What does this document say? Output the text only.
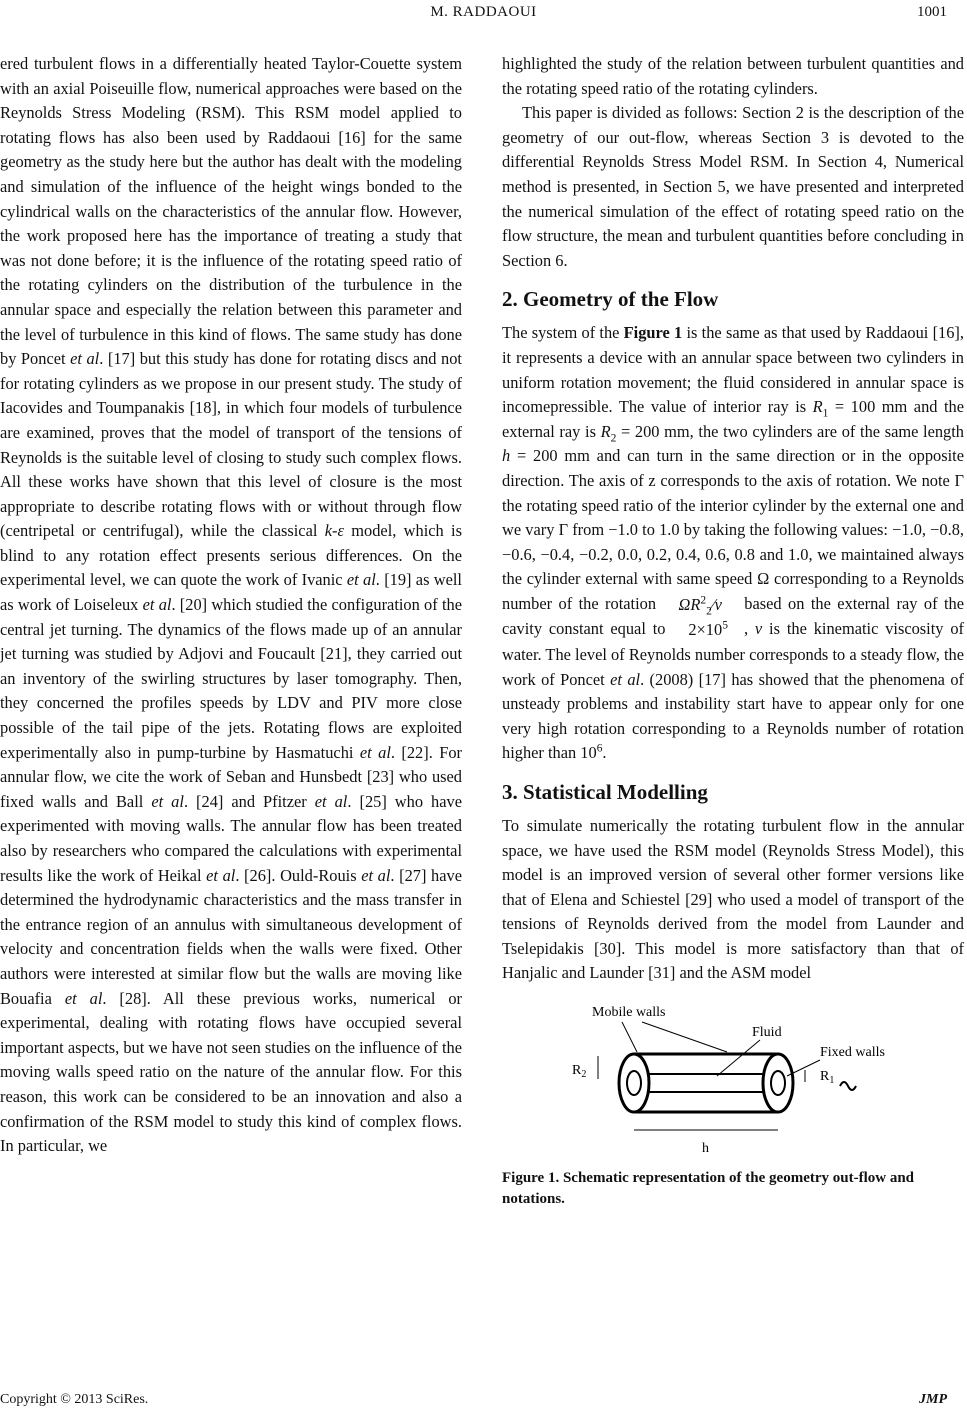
M. RADDAOUI	1001

ered turbulent flows in a differentially heated Taylor-Couette system with an axial Poiseuille flow, numerical approaches were based on the Reynolds Stress Modeling (RSM). This RSM model applied to rotating flows has also been used by Raddaoui [16] for the same geometry as the study here but the author has dealt with the modeling and simulation of the influence of the height wings bonded to the cylindrical walls on the characteristics of the annular flow. However, the work proposed here has the importance of treating a study that was not done before; it is the influence of the rotating speed ratio of the rotating cylinders on the distribution of the turbulence in the annular space and especially the relation between this parameter and the level of turbulence in this kind of flows. The same study has done by Poncet et al. [17] but this study has done for rotating discs and not for rotating cylinders as we propose in our present study. The study of Iacovides and Toumpanakis [18], in which four models of turbulence are examined, proves that the model of transport of the tensions of Reynolds is the suitable level of closing to study such complex flows. All these works have shown that this level of closure is the most appropriate to describe rotating flows with or without through flow (centripetal or centrifugal), while the classical k-ε model, which is blind to any rotation effect presents serious differences. On the experimental level, we can quote the work of Ivanic et al. [19] as well as work of Loiseleux et al. [20] which studied the configuration of the central jet turning. The dynamics of the flows made up of an annular jet turning was studied by Adjovi and Foucault [21], they carried out an inventory of the swirling structures by laser tomography. Then, they concerned the profiles speeds by LDV and PIV more close possible of the tail pipe of the jets. Rotating flows are exploited experimentally also in pump-turbine by Hasmatuchi et al. [22]. For annular flow, we cite the work of Seban and Hunsbedt [23] who used fixed walls and Ball et al. [24] and Pfitzer et al. [25] who have experimented with moving walls. The annular flow has been treated also by researchers who compared the calculations with experimental results like the work of Heikal et al. [26]. Ould-Rouis et al. [27] have determined the hydrodynamic characteristics and the mass transfer in the entrance region of an annulus with simultaneous development of velocity and concentration fields when the walls were fixed. Other authors were interested at similar flow but the walls are moving like Bouafia et al. [28]. All these previous works, numerical or experimental, dealing with rotating flows have occupied several important aspects, but we have not seen studies on the influence of the moving walls speed ratio on the nature of the annular flow. For this reason, this work can be considered to be an innovation and also a confirmation of the RSM model to study this kind of complex flows. In particular, we

highlighted the study of the relation between turbulent quantities and the rotating speed ratio of the rotating cylinders.

This paper is divided as follows: Section 2 is the description of the geometry of our out-flow, whereas Section 3 is devoted to the differential Reynolds Stress Model RSM. In Section 4, Numerical method is presented, in Section 5, we have presented and interpreted the numerical simulation of the effect of rotating speed ratio on the flow structure, the mean and turbulent quantities before concluding in Section 6.

2. Geometry of the Flow

The system of the Figure 1 is the same as that used by Raddaoui [16], it represents a device with an annular space between two cylinders in uniform rotation movement; the fluid considered in annular space is incomepressible. The value of interior ray is $R_1 = 100$ mm and the external ray is $R_2 = 200$ mm, the two cylinders are of the same length h = 200 mm and can turn in the same direction or in the opposite direction. The axis of z corresponds to the axis of rotation. We note Γ the rotating speed ratio of the interior cylinder by the external one and we vary Γ from −1.0 to 1.0 by taking the following values: −1.0, −0.8, −0.6, −0.4, −0.2, 0.0, 0.2, 0.4, 0.6, 0.8 and 1.0, we maintained always the cylinder external with same speed Ω corresponding to a Reynolds number of the rotation $\Omega R^2_2⁄\nu$ based on the external ray of the cavity constant equal to $2\times 10^5$ , ν is the kinematic viscosity of water. The level of Reynolds number corresponds to a steady flow, the work of Poncet et al. (2008) [17] has showed that the phenomena of unsteady problems and instability start have to appear only for one very high rotation corresponding to a Reynolds number of rotation higher than $10^6$.

3. Statistical Modelling

To simulate numerically the rotating turbulent flow in the annular space, we have used the RSM model (Reynolds Stress Model), this model is an improved version of several other former versions like that of Elena and Schiestel [29] who used a model of transport of the tensions of Reynolds derived from the model from Launder and Tselepidakis [30]. This model is more satisfactory than that of Hanjalic and Launder [31] and the ASM model

$R_2$	$R_1$
h
Mobile walls
Fluid
Fixed walls
Figure 1. Schematic representation of the geometry out-flow and notations.
Copyright © 2013 SciRes.	JMP
